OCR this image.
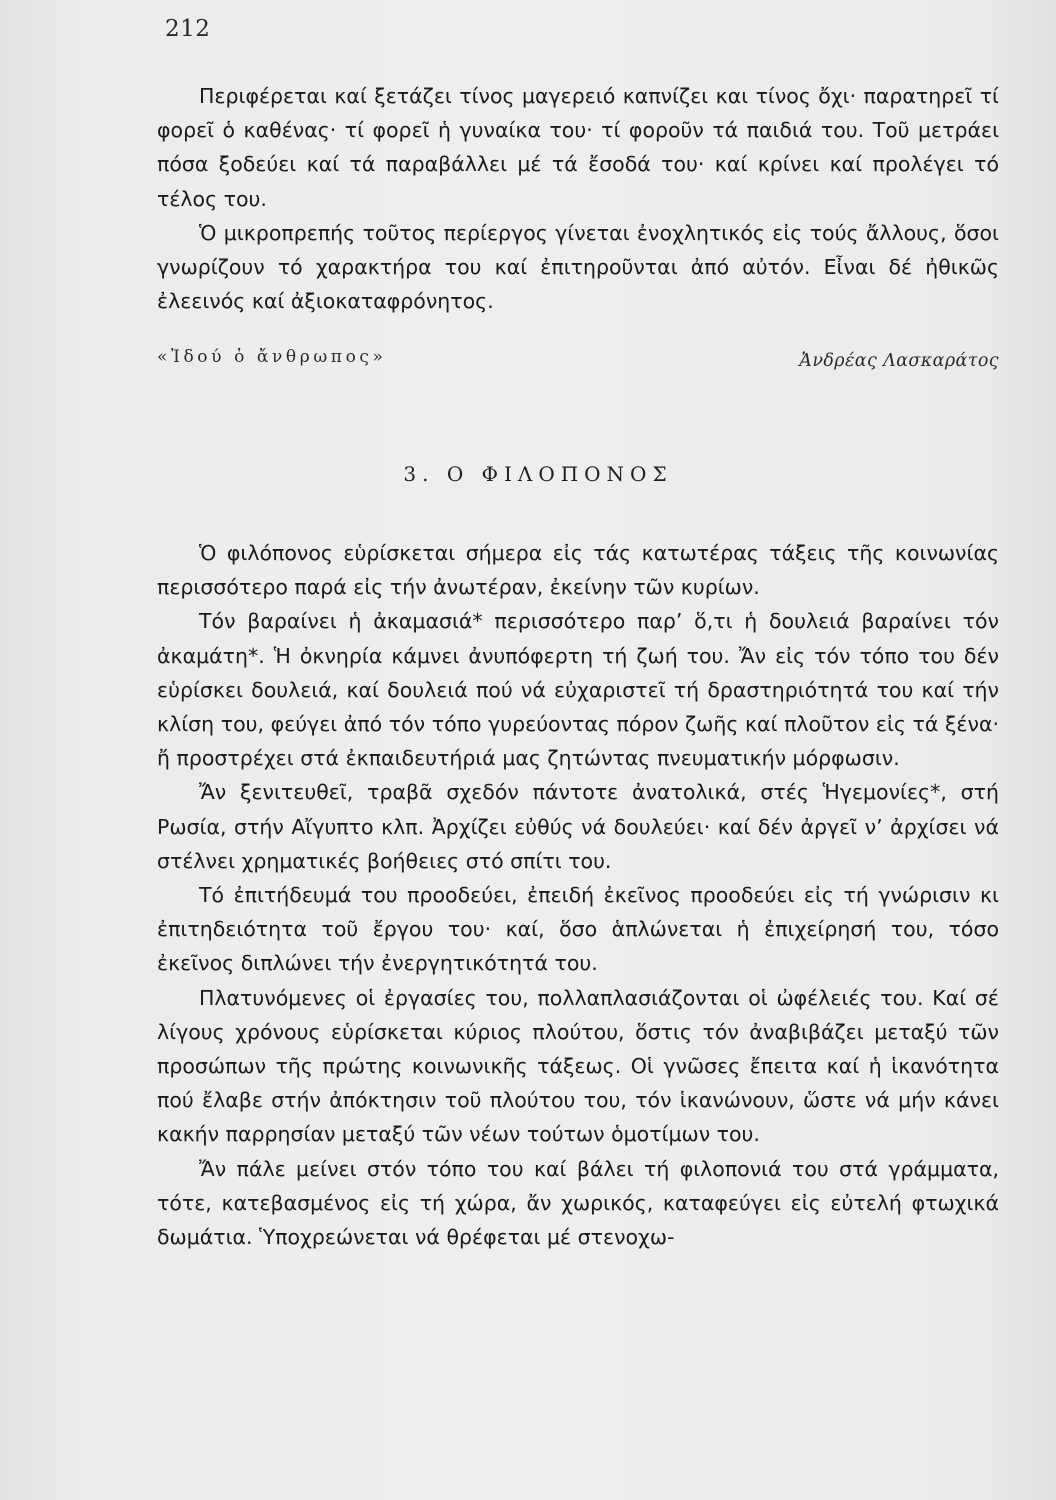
212

Περιφέρεται καί ξετάζει τίνος μαγερειό καπνίζει και τίνος ὄχι· παρατηρεῖ τί φορεῖ ὁ καθένας· τί φορεῖ ἡ γυναίκα του· τί φοροῦν τά παιδιά του. Τοῦ μετράει πόσα ξοδεύει καί τά παραβάλλει μέ τά ἔσοδά του· καί κρίνει καί προλέγει τό τέλος του.

Ὁ μικροπρεπής τοῦτος περίεργος γίνεται ἐνοχλητικός εἰς τούς ἄλλους, ὅσοι γνωρίζουν τό χαρακτήρα του καί ἐπιτηροῦνται ἀπό αὐτόν. Εἶναι δέ ἠθικῶς ἐλεεινός καί ἀξιοκαταφρόνητος.

«Ἰδού ὁ ἄνθρωπος»	Ἀνδρέας Λασκαράτος
3. Ο ΦΙΛΟΠΟΝΟΣ

Ὁ φιλόπονος εὑρίσκεται σήμερα εἰς τάς κατωτέρας τάξεις τῆς κοινωνίας περισσότερο παρά εἰς τήν ἀνωτέραν, ἐκείνην τῶν κυρίων.

Τόν βαραίνει ἡ ἀκαμασιά* περισσότερο παρ’ ὅ,τι ἡ δουλειά βαραίνει τόν ἀκαμάτη*. Ἡ ὀκνηρία κάμνει ἀνυπόφερτη τή ζωή του. Ἄν εἰς τόν τόπο του δέν εὑρίσκει δουλειά, καί δουλειά πού νά εὐχαριστεῖ τή δραστηριότητά του καί τήν κλίση του, φεύγει ἀπό τόν τόπο γυρεύοντας πόρον ζωῆς καί πλοῦτον εἰς τά ξένα· ἤ προστρέχει στά ἐκπαιδευτήριά μας ζητώντας πνευματικήν μόρφωσιν.

Ἄν ξενιτευθεῖ, τραβᾶ σχεδόν πάντοτε ἀνατολικά, στές Ἡγεμονίες*, στή Ρωσία, στήν Αἴγυπτο κλπ. Ἀρχίζει εὐθύς νά δουλεύει· καί δέν ἀργεῖ ν’ ἀρχίσει νά στέλνει χρηματικές βοήθειες στό σπίτι του.

Τό ἐπιτήδευμά του προοδεύει, ἐπειδή ἐκεῖνος προοδεύει εἰς τή γνώρισιν κι ἐπιτηδειότητα τοῦ ἔργου του· καί, ὅσο ἁπλώνεται ἡ ἐπιχείρησή του, τόσο ἐκεῖνος διπλώνει τήν ἐνεργητικότητά του.

Πλατυνόμενες οἱ ἐργασίες του, πολλαπλασιάζονται οἱ ὠφέλειές του. Καί σέ λίγους χρόνους εὑρίσκεται κύριος πλούτου, ὅστις τόν ἀναβιβάζει μεταξύ τῶν προσώπων τῆς πρώτης κοινωνικῆς τάξεως. Οἱ γνῶσες ἔπειτα καί ἡ ἱκανότητα πού ἔλαβε στήν ἀπόκτησιν τοῦ πλούτου του, τόν ἱκανώνουν, ὥστε νά μήν κάνει κακήν παρρησίαν μεταξύ τῶν νέων τούτων ὁμοτίμων του.

Ἄν πάλε μείνει στόν τόπο του καί βάλει τή φιλοπονιά του στά γράμματα, τότε, κατεβασμένος εἰς τή χώρα, ἄν χωρικός, καταφεύγει εἰς εὐτελή φτωχικά δωμάτια. Ὑποχρεώνεται νά θρέφεται μέ στενοχω-
